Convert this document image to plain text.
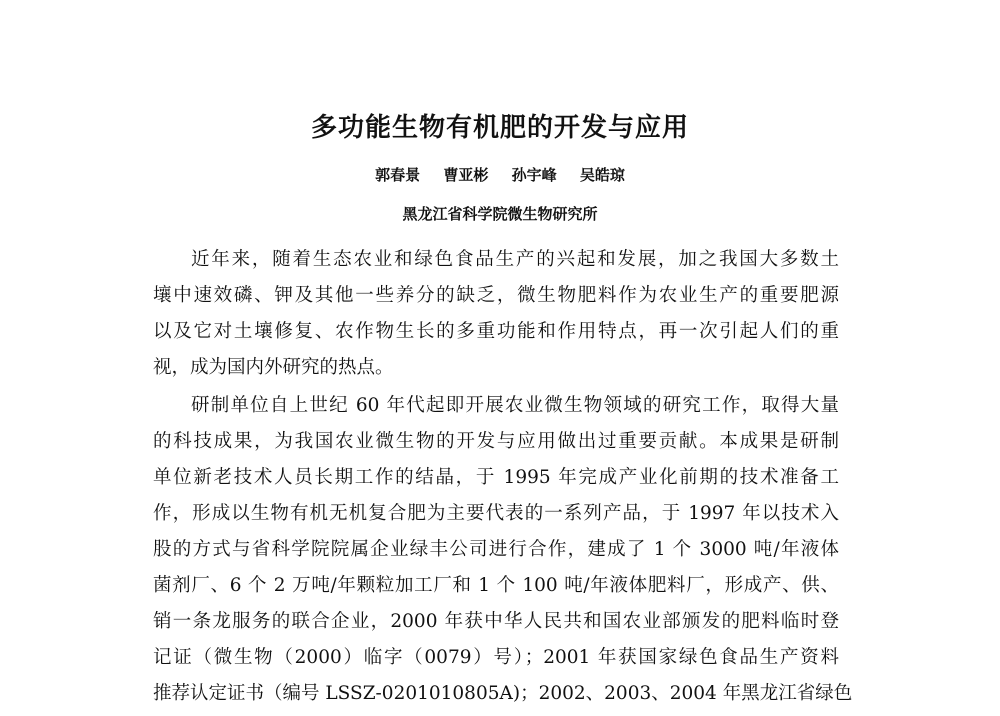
多功能生物有机肥的开发与应用
郭春景 曹亚彬 孙宇峰 吴皓琼
黑龙江省科学院微生物研究所
近年来，随着生态农业和绿色食品生产的兴起和发展，加之我国大多数土
壤中速效磷、钾及其他一些养分的缺乏，微生物肥料作为农业生产的重要肥源
以及它对土壤修复、农作物生长的多重功能和作用特点，再一次引起人们的重
视，成为国内外研究的热点。
研制单位自上世纪 60 年代起即开展农业微生物领域的研究工作，取得大量
的科技成果，为我国农业微生物的开发与应用做出过重要贡献。本成果是研制
单位新老技术人员长期工作的结晶，于 1995 年完成产业化前期的技术准备工
作，形成以生物有机无机复合肥为主要代表的一系列产品，于 1997 年以技术入
股的方式与省科学院院属企业绿丰公司进行合作，建成了 1 个 3000 吨/年液体
菌剂厂、6 个 2 万吨/年颗粒加工厂和 1 个 100 吨/年液体肥料厂，形成产、供、
销一条龙服务的联合企业，2000 年获中华人民共和国农业部颁发的肥料临时登
记证（微生物（2000）临字（0079）号）；2001 年获国家绿色食品生产资料
推荐认定证书（编号 LSSZ-0201010805A)；2002、2003、2004 年黑龙江省绿色
